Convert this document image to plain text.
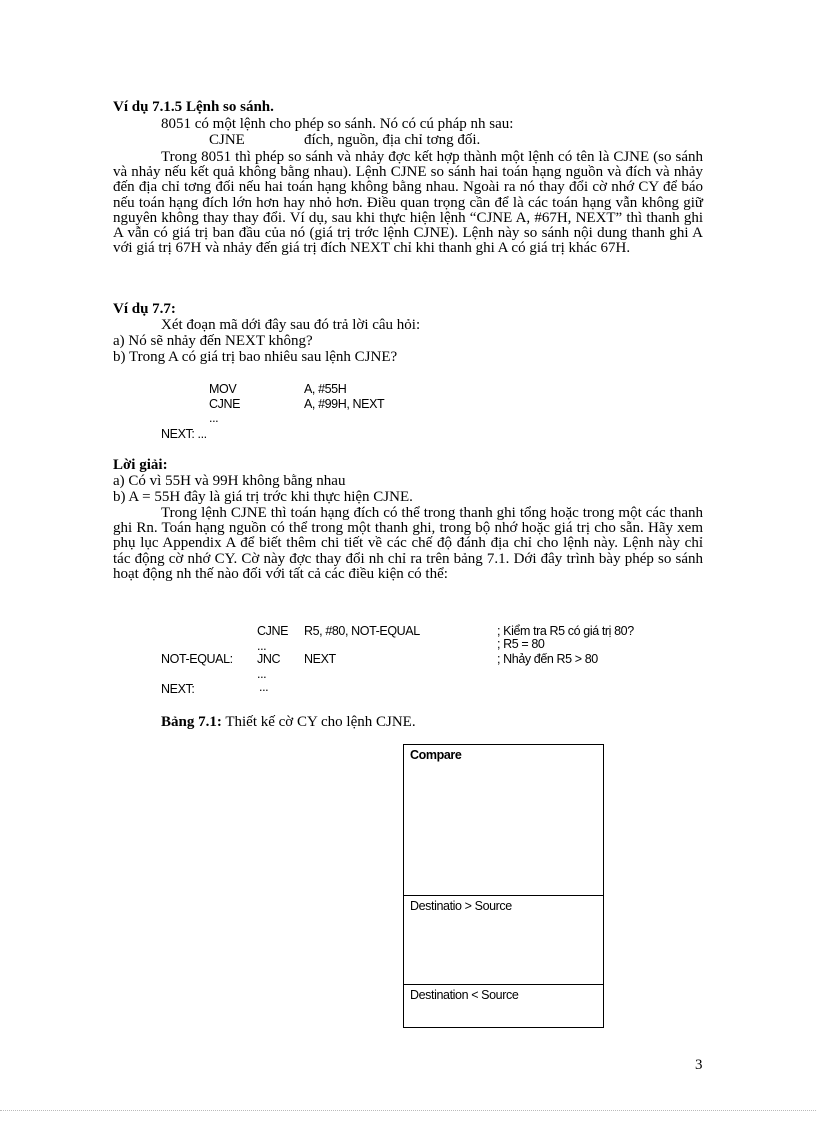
Ví dụ 7.1.5 Lệnh so sánh.
8051 có một lệnh cho phép so sánh. Nó có cú pháp nh sau:
CJNE	đích, nguồn, địa chỉ tơng đối.

Trong 8051 thì phép so sánh và nhảy đợc kết hợp thành một lệnh có tên là CJNE (so sánh và nhảy nếu kết quả không bằng nhau). Lệnh CJNE so sánh hai toán hạng nguồn và đích và nhảy đến địa chỉ tơng đối nếu hai toán hạng không bằng nhau. Ngoài ra nó thay đổi cờ nhớ CY để báo nếu toán hạng đích lớn hơn hay nhỏ hơn. Điều quan trọng cần để là các toán hạng vẫn không giữ nguyên không thay thay đổi. Ví dụ, sau khi thực hiện lệnh “CJNE A, #67H, NEXT” thì thanh ghi A vẫn có giá trị ban đầu của nó (giá trị trớc lệnh CJNE). Lệnh này so sánh nội dung thanh ghi A với giá trị 67H và nhảy đến giá trị đích NEXT chỉ khi thanh ghi A có giá trị khác 67H.

Ví dụ 7.7:
Xét đoạn mã dới đây sau đó trả lời câu hỏi:
a) Nó sẽ nhảy đến NEXT không?
b) Trong A có giá trị bao nhiêu sau lệnh CJNE?
MOV	A, #55H
CJNE	A, #99H, NEXT
...
NEXT: ...
Lời giải:
a) Có vì 55H và 99H không bằng nhau
b) A = 55H đây là giá trị trớc khi thực hiện CJNE.

Trong lệnh CJNE thì toán hạng đích có thể trong thanh ghi tổng hoặc trong một các thanh ghi Rn. Toán hạng nguồn có thể trong một thanh ghi, trong bộ nhớ hoặc giá trị cho sẵn. Hãy xem phụ lục Appendix A để biết thêm chi tiết về các chế độ đánh địa chỉ cho lệnh này. Lệnh này chỉ tác động cờ nhớ CY. Cờ này đợc thay đổi nh chỉ ra trên bảng 7.1. Dới đây trình bày phép so sánh hoạt động nh thế nào đối với tất cả các điều kiện có thể:

CJNE R5, #80, NOT-EQUAL	; Kiểm tra R5 có giá trị 80?
; R5 = 80
...
NOT-EQUAL: JNC NEXT	; Nhảy đến R5 > 80
...
NEXT:	...
Bảng 7.1: Thiết kế cờ CY cho lệnh CJNE.
Compare
Destinatio > Source
Destination < Source
3
